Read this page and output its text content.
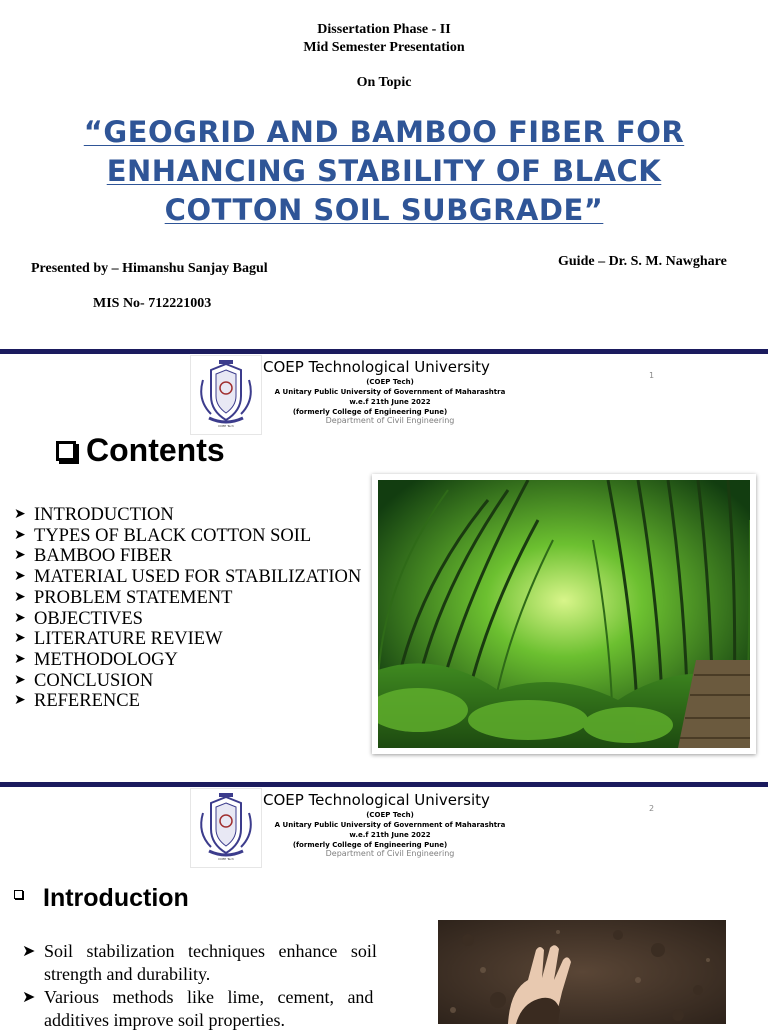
Dissertation Phase - II
Mid Semester Presentation
On Topic
“GEOGRID AND BAMBOO FIBER FOR
ENHANCING STABILITY OF BLACK
COTTON SOIL SUBGRADE”
Presented by – Himanshu Sanjay Bagul
MIS No- 712221003
Guide – Dr. S. M. Nawghare
COEP Tech
COEP Technological University
(COEP Tech)
A Unitary Public University of Government of Maharashtra
w.e.f 21th June 2022
(formerly College of Engineering Pune)
Department of Civil Engineering
1
Contents
➤ INTRODUCTION
➤ TYPES OF BLACK COTTON SOIL
➤ BAMBOO FIBER
➤ MATERIAL USED FOR STABILIZATION
➤ PROBLEM STATEMENT
➤ OBJECTIVES
➤ LITERATURE REVIEW
➤ METHODOLOGY
➤ CONCLUSION
➤ REFERENCE
COEP Tech
COEP Technological University
(COEP Tech)
A Unitary Public University of Government of Maharashtra
w.e.f 21th June 2022
(formerly College of Engineering Pune)
Department of Civil Engineering
2
Introduction
➤ Soil   stabilization   techniques   enhance   soil
strength and durability.
➤ Various   methods   like   lime,   cement,   and
additives improve soil properties.
